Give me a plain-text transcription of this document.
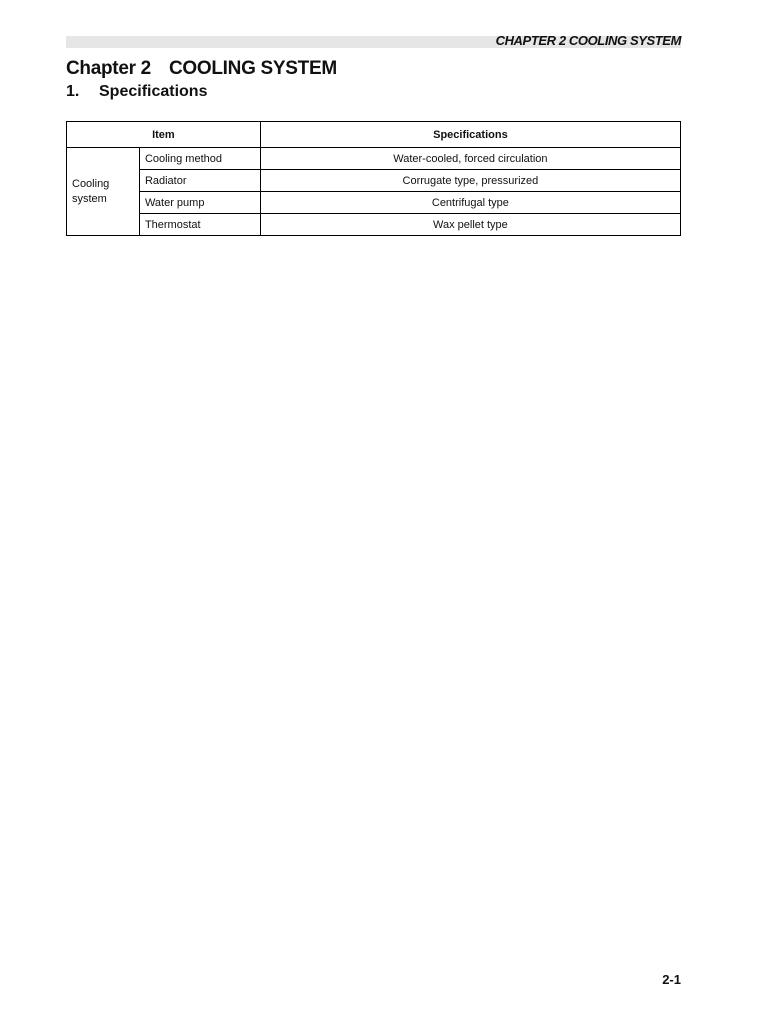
CHAPTER 2 COOLING SYSTEM
Chapter 2 COOLING SYSTEM
1. Specifications
Item		Specifications

Cooling
system	Cooling method	Water-cooled, forced circulation
	Radiator	Corrugate type, pressurized
	Water pump	Centrifugal type
	Thermostat	Wax pellet type
2-1
